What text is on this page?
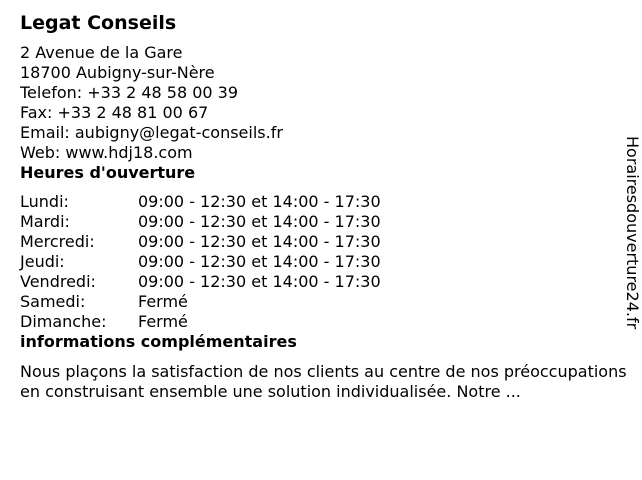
Legat Conseils
2 Avenue de la Gare
18700 Aubigny-sur-Nère
Telefon: +33 2 48 58 00 39
Fax: +33 2 48 81 00 67
Email: aubigny@legat-conseils.fr
Web: www.hdj18.com
Heures d'ouverture
Lundi:	09:00 - 12:30 et 14:00 - 17:30
Mardi:	09:00 - 12:30 et 14:00 - 17:30
Mercredi:	09:00 - 12:30 et 14:00 - 17:30
Jeudi:	09:00 - 12:30 et 14:00 - 17:30
Vendredi:	09:00 - 12:30 et 14:00 - 17:30
Samedi:	Fermé
Dimanche:	Fermé
informations complémentaires
Nous plaçons la satisfaction de nos clients au centre de nos préoccupations en construisant ensemble une solution individualisée. Notre ...
Horairesdouverture24.fr
